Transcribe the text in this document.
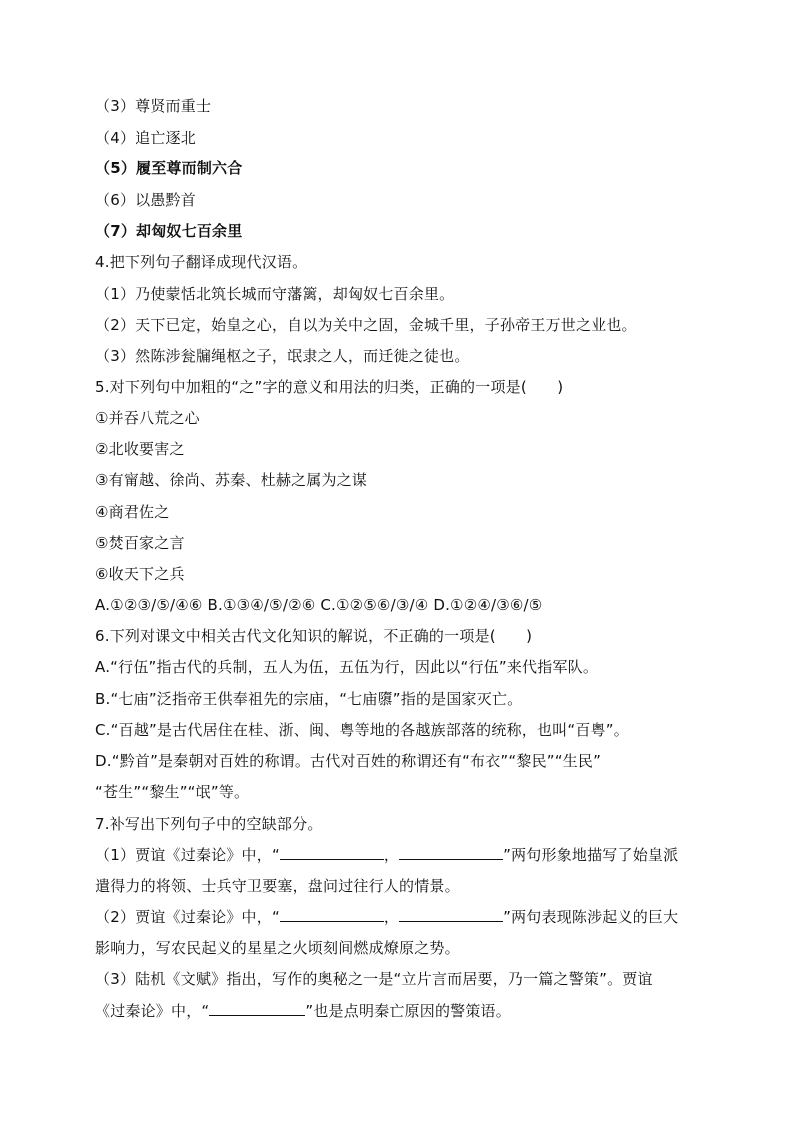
（3）尊贤而重士
（4）追亡逐北
（5）履至尊而制六合
（6）以愚黔首
（7）却匈奴七百余里
4.把下列句子翻译成现代汉语。
（1）乃使蒙恬北筑长城而守藩篱，却匈奴七百余里。
（2）天下已定，始皇之心，自以为关中之固，金城千里，子孙帝王万世之业也。
（3）然陈涉瓮牖绳枢之子，氓隶之人，而迁徙之徒也。
5.对下列句中加粗的“之”字的意义和用法的归类，正确的一项是(　　)
①并吞八荒之心
②北收要害之
③有甯越、徐尚、苏秦、杜赫之属为之谋
④商君佐之
⑤焚百家之言
⑥收天下之兵
A.①②③/⑤/④⑥ B.①③④/⑤/②⑥ C.①②⑤⑥/③/④ D.①②④/③⑥/⑤
6.下列对课文中相关古代文化知识的解说，不正确的一项是(　　)
A.“行伍”指古代的兵制，五人为伍，五伍为行，因此以“行伍”来代指军队。
B.“七庙”泛指帝王供奉祖先的宗庙，“七庙隳”指的是国家灭亡。
C.“百越”是古代居住在桂、浙、闽、粤等地的各越族部落的统称，也叫“百粤”。
D.“黔首”是秦朝对百姓的称谓。古代对百姓的称谓还有“布衣”“黎民”“生民”
“苍生”“黎生”“氓”等。
7.补写出下列句子中的空缺部分。
（1）贾谊《过秦论》中，“	，	”两句形象地描写了始皇派
遣得力的将领、士兵守卫要塞，盘问过往行人的情景。
（2）贾谊《过秦论》中，“	，	”两句表现陈涉起义的巨大
影响力，写农民起义的星星之火顷刻间燃成燎原之势。
（3）陆机《文赋》指出，写作的奥秘之一是“立片言而居要，乃一篇之警策”。贾谊
《过秦论》中，“	”也是点明秦亡原因的警策语。
